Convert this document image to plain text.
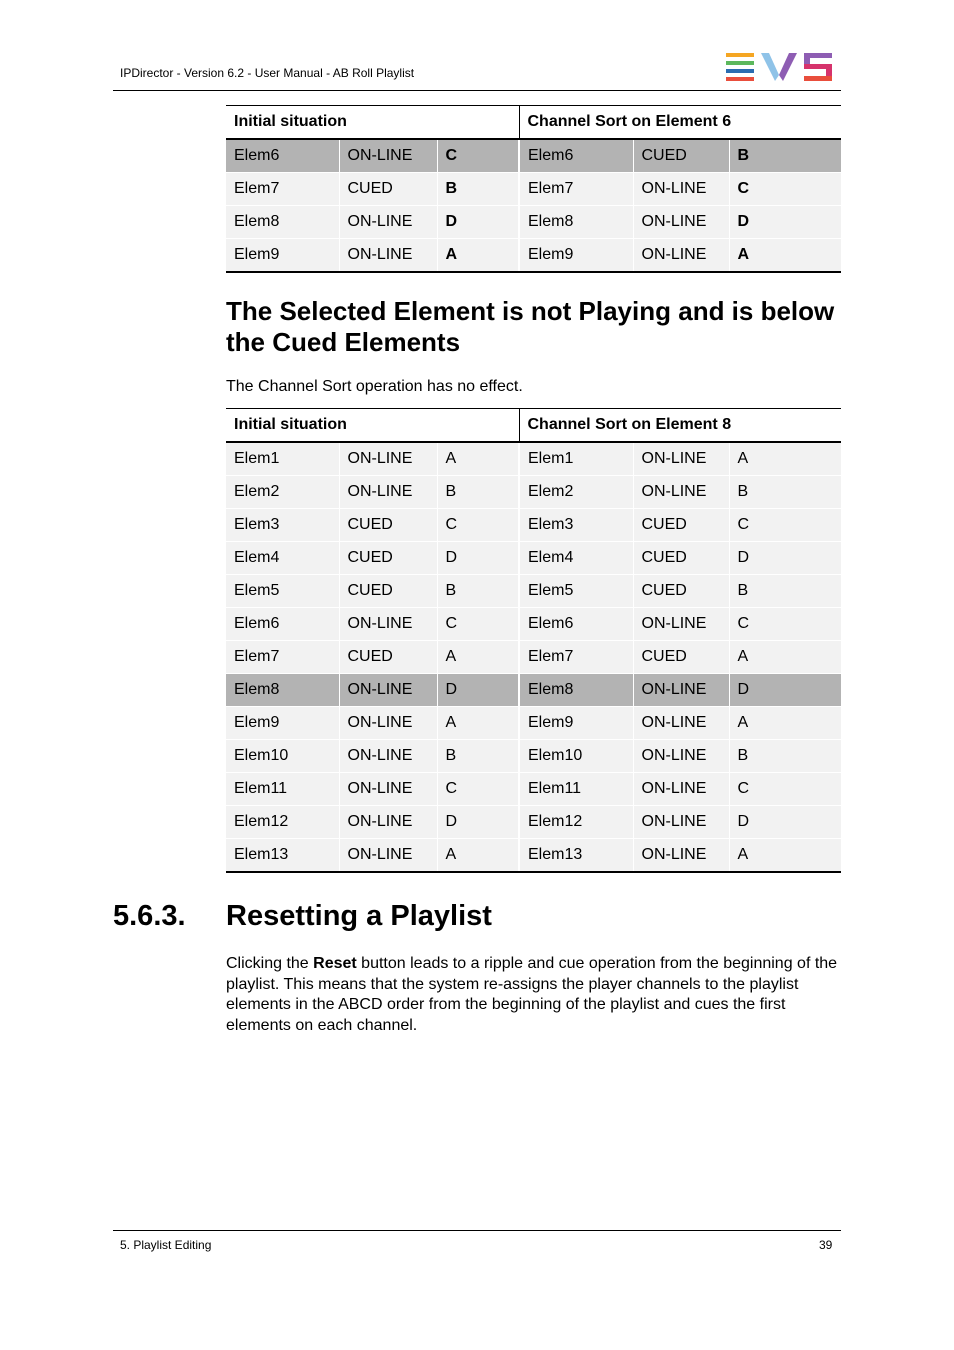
IPDirector - Version 6.2 - User Manual - AB Roll Playlist
Initial situation			Channel Sort on Element 6		
Elem6	ON-LINE	C	Elem6	CUED	B
Elem7	CUED	B	Elem7	ON-LINE	C
Elem8	ON-LINE	D	Elem8	ON-LINE	D
Elem9	ON-LINE	A	Elem9	ON-LINE	A
The Selected Element is not Playing and is below the Cued Elements
The Channel Sort operation has no effect.
Initial situation			Channel Sort on Element 8		
Elem1	ON-LINE	A	Elem1	ON-LINE	A
Elem2	ON-LINE	B	Elem2	ON-LINE	B
Elem3	CUED	C	Elem3	CUED	C
Elem4	CUED	D	Elem4	CUED	D
Elem5	CUED	B	Elem5	CUED	B
Elem6	ON-LINE	C	Elem6	ON-LINE	C
Elem7	CUED	A	Elem7	CUED	A
Elem8	ON-LINE	D	Elem8	ON-LINE	D
Elem9	ON-LINE	A	Elem9	ON-LINE	A
Elem10	ON-LINE	B	Elem10	ON-LINE	B
Elem11	ON-LINE	C	Elem11	ON-LINE	C
Elem12	ON-LINE	D	Elem12	ON-LINE	D
Elem13	ON-LINE	A	Elem13	ON-LINE	A
5.6.3. Resetting a Playlist

Clicking the Reset button leads to a ripple and cue operation from the beginning of the playlist. This means that the system re-assigns the player channels to the playlist elements in the ABCD order from the beginning of the playlist and cues the first elements on each channel.

5. Playlist Editing	39
